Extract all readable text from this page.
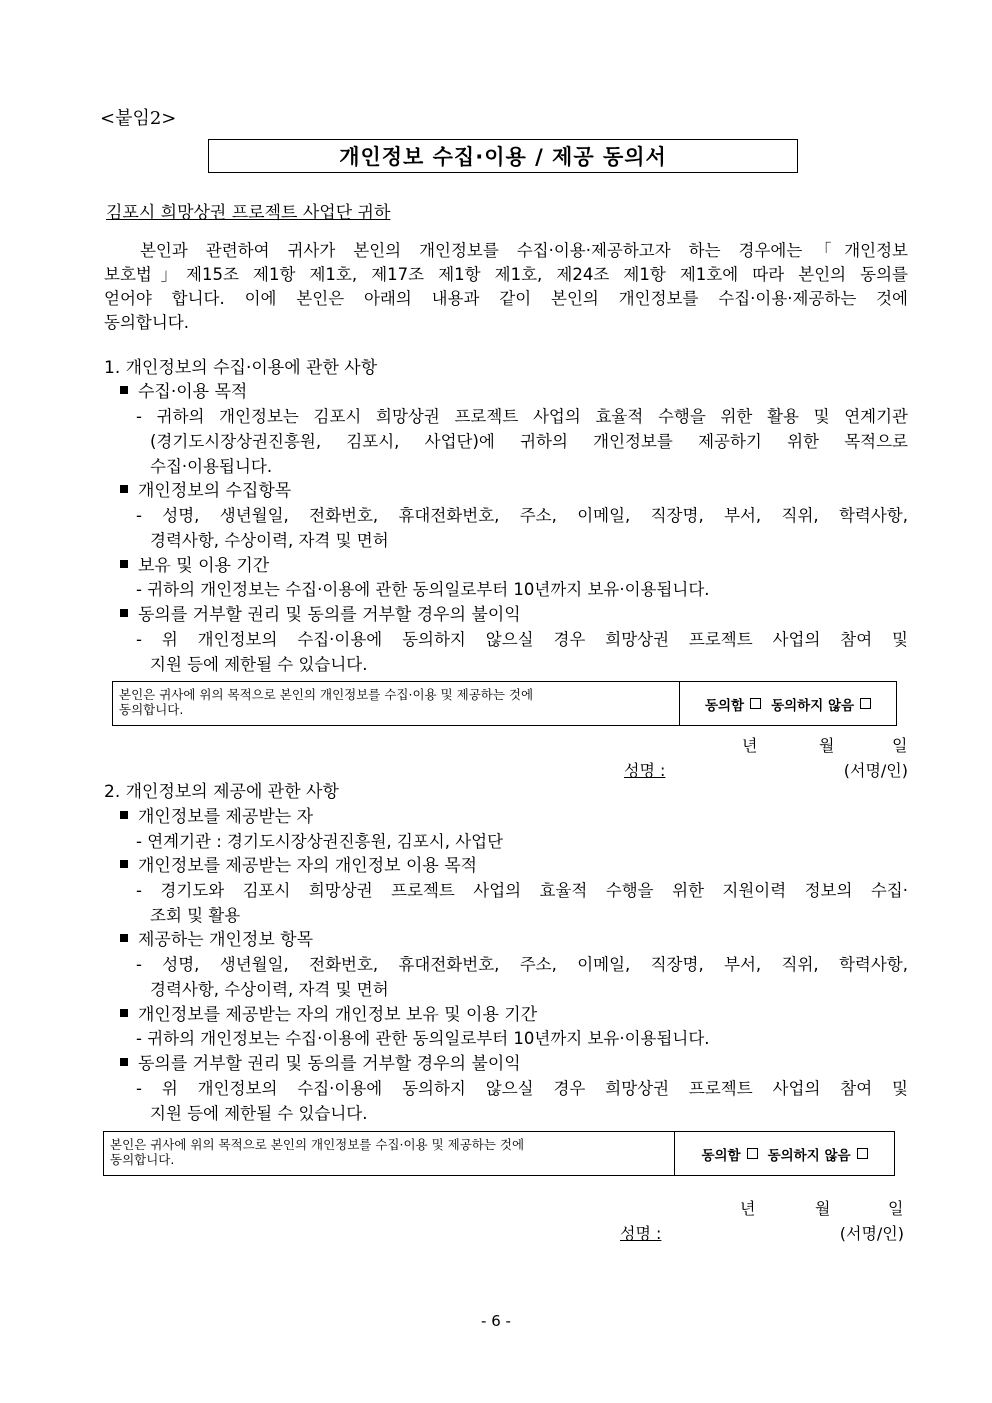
<붙임2>
개인정보 수집·이용 / 제공 동의서
김포시 희망상권 프로젝트 사업단 귀하
본인과 관련하여 귀사가 본인의 개인정보를 수집·이용·제공하고자 하는 경우에는「개인정보
보호법」제15조 제1항 제1호, 제17조 제1항 제1호, 제24조 제1항 제1호에 따라 본인의 동의를
얻어야 합니다. 이에 본인은 아래의 내용과 같이 본인의 개인정보를 수집·이용·제공하는 것에
동의합니다.
1. 개인정보의 수집·이용에 관한 사항
수집·이용 목적
- 귀하의 개인정보는 김포시 희망상권 프로젝트 사업의 효율적 수행을 위한 활용 및 연계기관
(경기도시장상권진흥원, 김포시, 사업단)에 귀하의 개인정보를 제공하기 위한 목적으로
수집·이용됩니다.
개인정보의 수집항목
- 성명, 생년월일, 전화번호, 휴대전화번호, 주소, 이메일, 직장명, 부서, 직위, 학력사항,
경력사항, 수상이력, 자격 및 면허
보유 및 이용 기간
- 귀하의 개인정보는 수집·이용에 관한 동의일로부터 10년까지 보유·이용됩니다.
동의를 거부할 권리 및 동의를 거부할 경우의 불이익
- 위 개인정보의 수집·이용에 동의하지 않으실 경우 희망상권 프로젝트 사업의 참여 및
지원 등에 제한될 수 있습니다.
본인은 귀사에 위의 목적으로 본인의 개인정보를 수집·이용 및 제공하는 것에
동의합니다.	동의함 동의하지 않음
년	월	일
성명 :	(서명/인)

2. 개인정보의 제공에 관한 사항
개인정보를 제공받는 자
- 연계기관 : 경기도시장상권진흥원, 김포시, 사업단
개인정보를 제공받는 자의 개인정보 이용 목적
- 경기도와 김포시 희망상권 프로젝트 사업의 효율적 수행을 위한 지원이력 정보의 수집·
조회 및 활용
제공하는 개인정보 항목
- 성명, 생년월일, 전화번호, 휴대전화번호, 주소, 이메일, 직장명, 부서, 직위, 학력사항,
경력사항, 수상이력, 자격 및 면허
개인정보를 제공받는 자의 개인정보 보유 및 이용 기간
- 귀하의 개인정보는 수집·이용에 관한 동의일로부터 10년까지 보유·이용됩니다.
동의를 거부할 권리 및 동의를 거부할 경우의 불이익
- 위 개인정보의 수집·이용에 동의하지 않으실 경우 희망상권 프로젝트 사업의 참여 및
지원 등에 제한될 수 있습니다.
본인은 귀사에 위의 목적으로 본인의 개인정보를 수집·이용 및 제공하는 것에
동의합니다.	동의함 동의하지 않음
년	월	일
성명 :	(서명/인)

- 6 -
